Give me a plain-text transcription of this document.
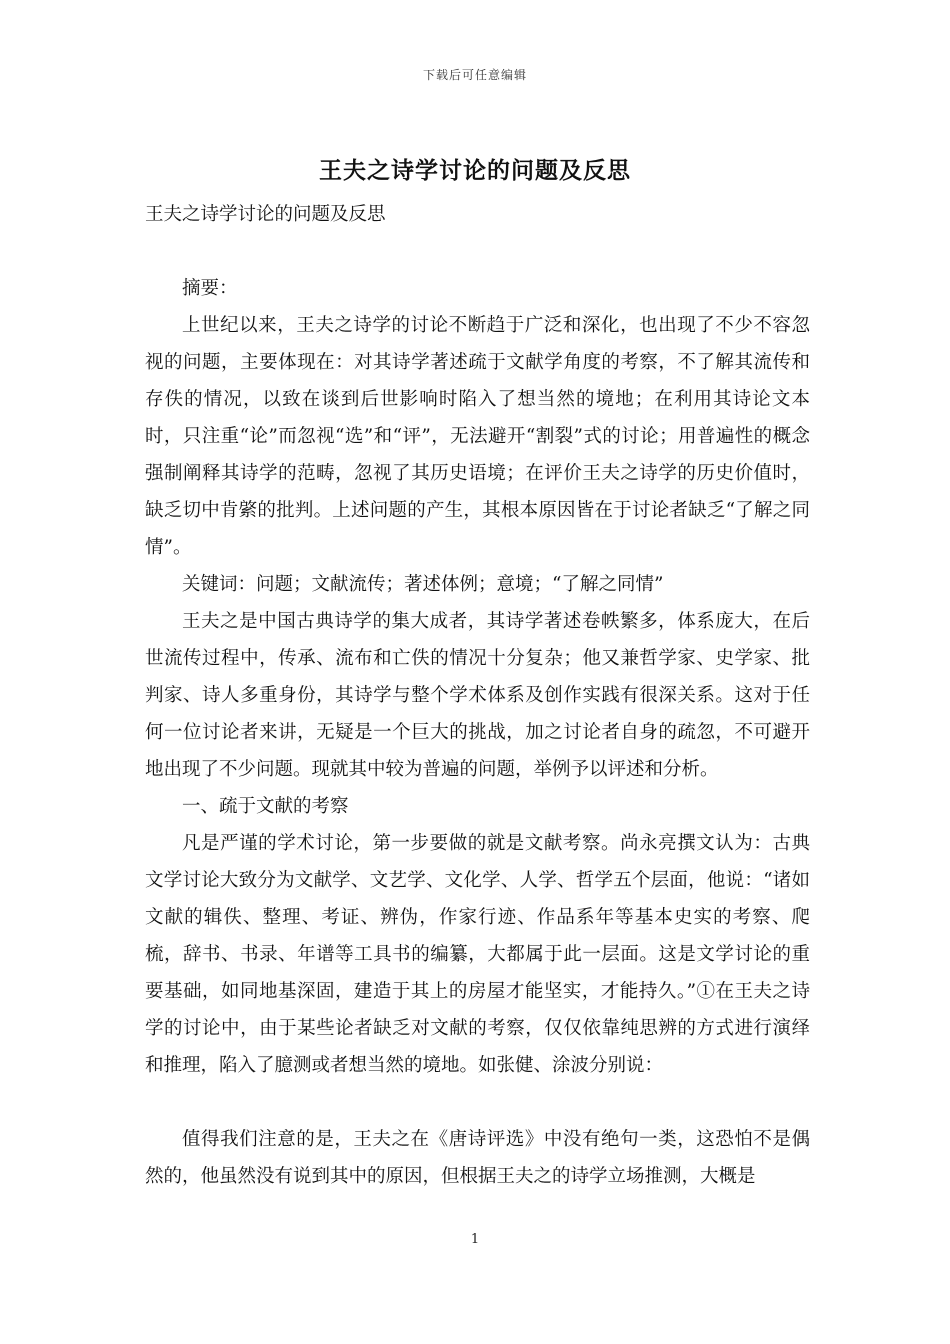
下载后可任意编辑
王夫之诗学讨论的问题及反思

王夫之诗学讨论的问题及反思

摘要：

上世纪以来，王夫之诗学的讨论不断趋于广泛和深化，也出现了不少不容忽视的问题，主要体现在：对其诗学著述疏于文献学角度的考察，不了解其流传和存佚的情况，以致在谈到后世影响时陷入了想当然的境地；在利用其诗论文本时，只注重“论”而忽视“选”和“评”，无法避开“割裂”式的讨论；用普遍性的概念强制阐释其诗学的范畴，忽视了其历史语境；在评价王夫之诗学的历史价值时，缺乏切中肯綮的批判。上述问题的产生，其根本原因皆在于讨论者缺乏“了解之同情”。

关键词：问题；文献流传；著述体例；意境；“了解之同情”

王夫之是中国古典诗学的集大成者，其诗学著述卷帙繁多，体系庞大，在后世流传过程中，传承、流布和亡佚的情况十分复杂；他又兼哲学家、史学家、批判家、诗人多重身份，其诗学与整个学术体系及创作实践有很深关系。这对于任何一位讨论者来讲，无疑是一个巨大的挑战，加之讨论者自身的疏忽，不可避开地出现了不少问题。现就其中较为普遍的问题，举例予以评述和分析。

一、疏于文献的考察

凡是严谨的学术讨论，第一步要做的就是文献考察。尚永亮撰文认为：古典文学讨论大致分为文献学、文艺学、文化学、人学、哲学五个层面，他说：“诸如文献的辑佚、整理、考证、辨伪，作家行迹、作品系年等基本史实的考察、爬梳，辞书、书录、年谱等工具书的编纂，大都属于此一层面。这是文学讨论的重要基础，如同地基深固，建造于其上的房屋才能坚实，才能持久。”①在王夫之诗学的讨论中，由于某些论者缺乏对文献的考察，仅仅依靠纯思辨的方式进行演绎和推理，陷入了臆测或者想当然的境地。如张健、涂波分别说：

值得我们注意的是，王夫之在《唐诗评选》中没有绝句一类，这恐怕不是偶然的，他虽然没有说到其中的原因，但根据王夫之的诗学立场推测，大概是

1
